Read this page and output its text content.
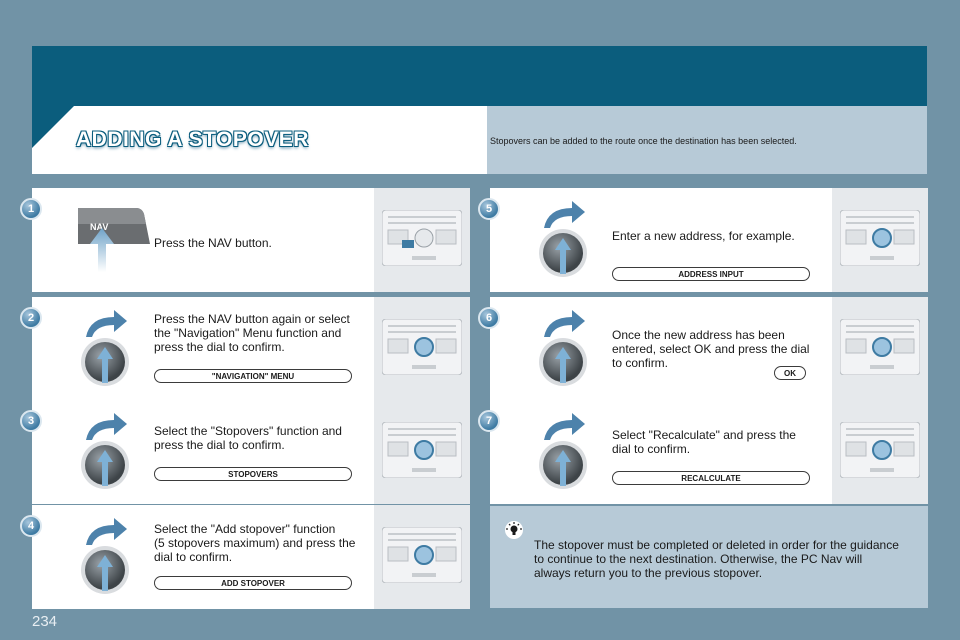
ADDING A STOPOVER	Stopovers can be added to the route once the destination has been selected.
1
NAV
Press the NAV button.
2	Press the NAV button again or select
the "Navigation" Menu function and
press the dial to confirm.
"NAVIGATION" MENU
3
Select the "Stopovers" function and
press the dial to confirm.
STOPOVERS
4	Select the "Add stopover" function
(5 stopovers maximum) and press the
dial to confirm.
ADD STOPOVER
5
Enter a new address, for example.
ADDRESS INPUT
6
Once the new address has been
entered, select OK and press the dial
to confirm.
OK
7
Select "Recalculate" and press the
dial to confirm.
RECALCULATE
The stopover must be completed or deleted in order for the guidance
to continue to the next destination. Otherwise, the PC Nav will
always return you to the previous stopover.
234
